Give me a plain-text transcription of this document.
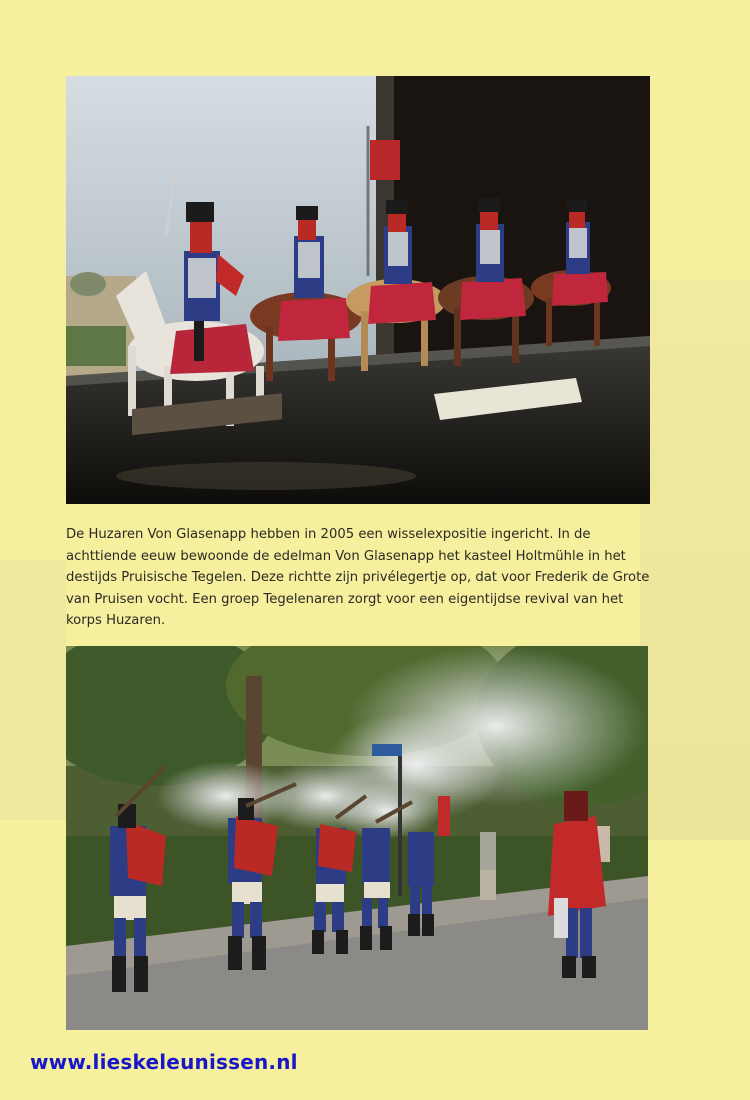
De Huzaren Von Glasenapp hebben in 2005 een wisselexpositie ingericht. In de achttiende eeuw bewoonde de edelman Von Glasenapp het kasteel Holtmühle in het destijds Pruisische Tegelen. Deze richtte zijn privélegertje op, dat voor Frederik de Grote van Pruisen vocht. Een groep Tegelenaren zorgt voor een eigentijdse revival van het korps Huzaren.

www.lieskeleunissen.nl
